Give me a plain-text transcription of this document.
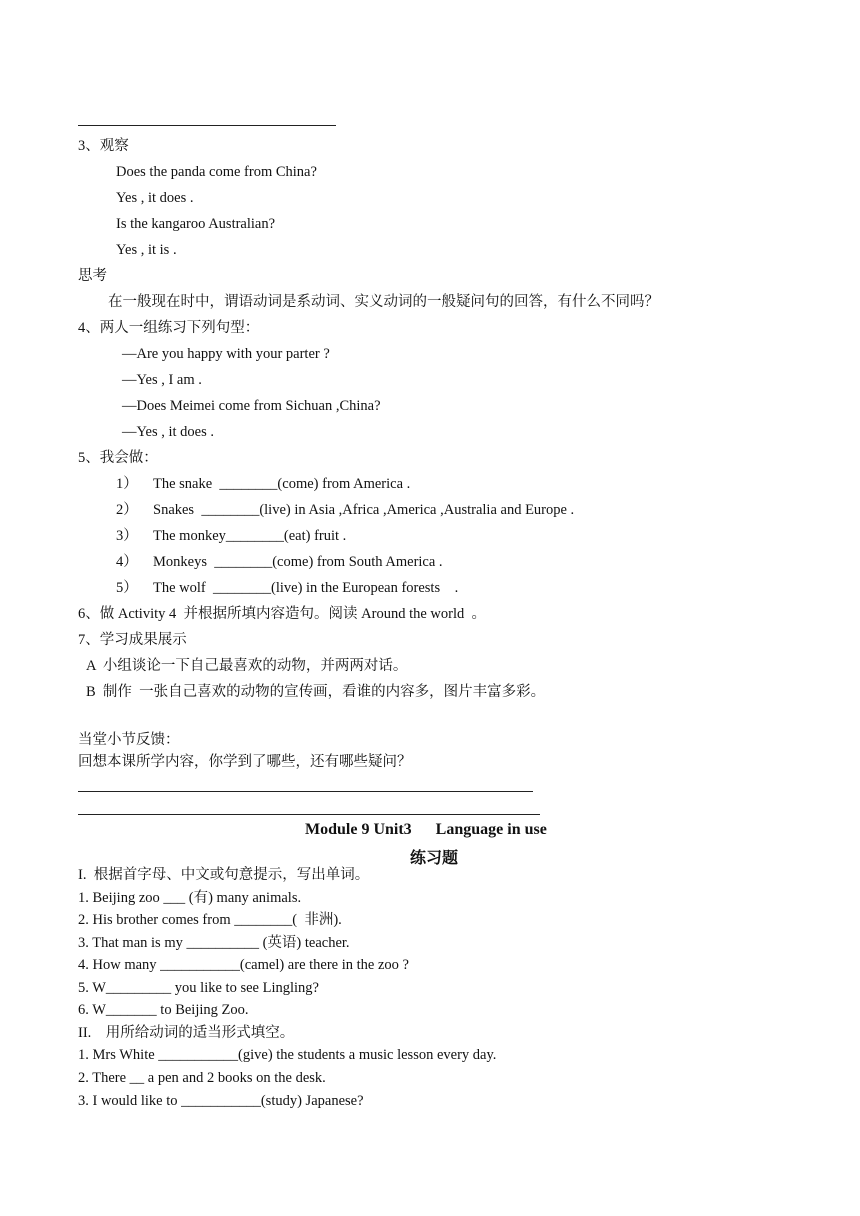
3、观察
Does the panda come from China?
Yes , it does .
Is the kangaroo Australian?
Yes , it is .
思考
在一般现在时中，谓语动词是系动词、实义动词的一般疑问句的回答，有什么不同吗？
4、两人一组练习下列句型：
—Are you happy with your parter ?
—Yes , I am .
—Does Meimei come from Sichuan ,China?
—Yes , it does .
5、我会做：
1） The snake  ________(come) from America .
2） Snakes  ________(live) in Asia ,Africa ,America ,Australia and Europe .
3） The monkey________(eat) fruit .
4） Monkeys  ________(come) from South America .
5） The wolf  ________(live) in the European forests    .
6、做 Activity 4  并根据所填内容造句。阅读 Around the world  。
7、学习成果展示
A  小组谈论一下自己最喜欢的动物，并两两对话。
B  制作  一张自己喜欢的动物的宣传画，看谁的内容多，图片丰富多彩。
当堂小节反馈：
回想本课所学内容，你学到了哪些，还有哪些疑问？
Module 9 Unit3      Language in use
练习题
I.  根据首字母、中文或句意提示，写出单词。
1. Beijing zoo ___ (有) many animals.
2. His brother comes from ________(  非洲).
3. That man is my __________ (英语) teacher.
4. How many ___________(camel) are there in the zoo ?
5. W_________ you like to see Lingling?
6. W_______ to Beijing Zoo.
II.    用所给动词的适当形式填空。
1. Mrs White ___________(give) the students a music lesson every day.
2. There __ a pen and 2 books on the desk.
3. I would like to ___________(study) Japanese?
